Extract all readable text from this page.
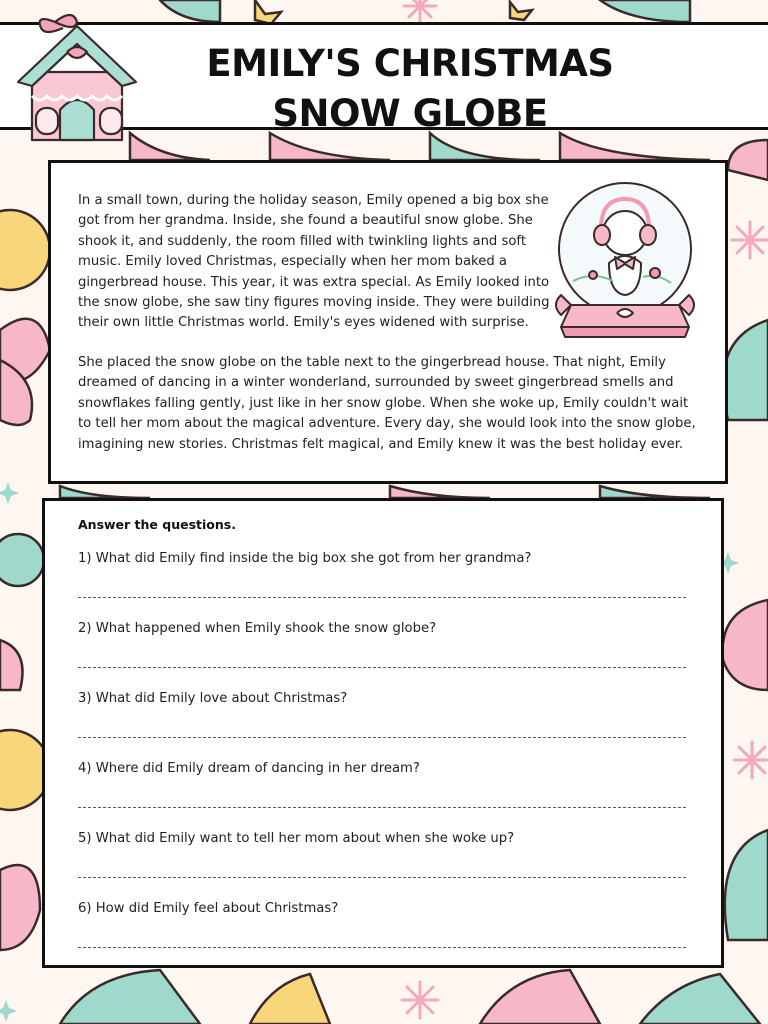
EMILY'S CHRISTMAS SNOW GLOBE

In a small town, during the holiday season, Emily opened a big box she got from her grandma. Inside, she found a beautiful snow globe. She shook it, and suddenly, the room filled with twinkling lights and soft music. Emily loved Christmas, especially when her mom baked a gingerbread house. This year, it was extra special. As Emily looked into the snow globe, she saw tiny figures moving inside. They were building their own little Christmas world. Emily's eyes widened with surprise.

She placed the snow globe on the table next to the gingerbread house. That night, Emily dreamed of dancing in a winter wonderland, surrounded by sweet gingerbread smells and snowflakes falling gently, just like in her snow globe. When she woke up, Emily couldn't wait to tell her mom about the magical adventure. Every day, she would look into the snow globe, imagining new stories. Christmas felt magical, and Emily knew it was the best holiday ever.

Answer the questions.

1) What did Emily find inside the big box she got from her grandma?

2) What happened when Emily shook the snow globe?

3) What did Emily love about Christmas?

4) Where did Emily dream of dancing in her dream?

5) What did Emily want to tell her mom about when she woke up?

6) How did Emily feel about Christmas?
